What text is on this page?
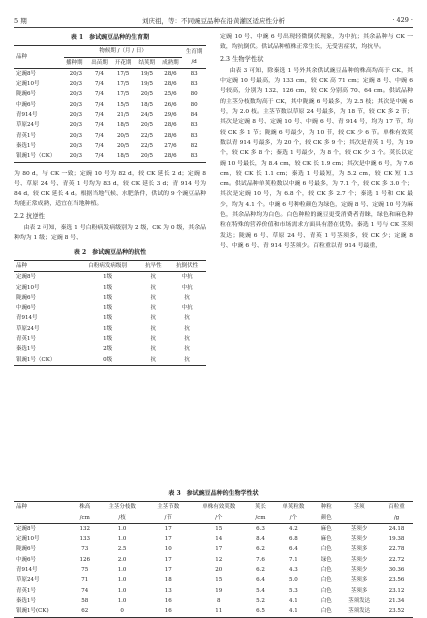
5 期	刘庆祖，等：不同豌豆品种在沿黄灌区适应性分析	· 429 ·
表 1　参试豌豆品种的生育期
品种	物候期 /（月 / 日）					生育期
	播种期	出苗期	开花期	结荚期	成熟期	/d
定豌8号	20/3	7/4	17/5	19/5	28/6	83
定豌10号	20/3	7/4	17/5	19/5	28/6	83
陇豌6号	20/3	7/4	17/5	20/5	25/6	80
中豌6号	20/3	7/4	15/5	18/5	26/6	80
青914号	20/3	7/4	21/5	24/5	29/6	84
草原24号	20/3	7/4	18/5	20/5	28/6	83
青英1号	20/3	7/4	20/5	22/5	28/6	83
秦选1号	20/3	7/4	20/5	22/5	27/6	82
银豌1号（CK）	20/3	7/4	18/5	20/5	28/6	83

为 80 d，与 CK 一致；定豌 10 号为 82 d，较 CK 延长 2 d；定豌 8 号、草原 24 号、青英 1 号均为 83 d，较 CK 延长 3 d；青 914 号为 84 d，较 CK 延长 4 d。根据当地气候、水肥条件，供试的 9 个豌豆品种均能正常成熟，适宜在当地种植。

2.2 抗逆性

由表 2 可知，秦选 1 号白粉病发病级别为 2 级，CK 为 0 级，其余品种均为 1 级；定豌 8 号、

表 2　参试豌豆品种的抗性
品种	白粉病发病级别	抗旱性	抗倒伏性
定豌8号	1级	抗	中抗
定豌10号	1级	抗	中抗
陇豌6号	1级	抗	抗
中豌6号	1级	抗	中抗
青914号	1级	抗	抗
草原24号	1级	抗	抗
青英1号	1级	抗	抗
秦选1号	2级	抗	抗
银豌1号（CK）	0级	抗	抗

定豌 10 号、中豌 6 号出现轻微倒伏现象，为中抗；其余品种与 CK 一致，均抗倒伏。供试品种植株正常生长，无受害症状，均抗旱。

2.3 生物学性状

由表 3 可知，除秦选 1 号外其余供试豌豆品种的株高均高于 CK，其中定豌 10 号最高，为 133 cm，较 CK 高 71 cm；定豌 8 号、中豌 6 号较高，分别为 132、126 cm，较 CK 分别高 70、64 cm。供试品种的主茎分枝数均高于 CK，其中陇豌 6 号最多，为 2.5 枝；其次是中豌 6 号，为 2.0 枝。主茎节数以草原 24 号最多，为 18 节，较 CK 多 2 节；其次是定豌 8 号、定豌 10 号、中豌 6 号、青 914 号，均为 17 节，均较 CK 多 1 节；陇豌 6 号最少，为 10 节，较 CK 少 6 节。单株有效荚数以青 914 号最多，为 20 个，较 CK 多 9 个；其次是青英 1 号，为 19 个，较 CK 多 8 个；秦选 1 号最少，为 8 个，较 CK 少 3 个。荚长以定豌 10 号最长，为 8.4 cm，较 CK 长 1.9 cm；其次是中豌 6 号，为 7.6 cm，较 CK 长 1.1 cm；秦选 1 号最短，为 5.2 cm，较 CK 短 1.3 cm。供试品种单荚粒数以中豌 6 号最多，为 7.1 个，较 CK 多 3.0 个；其次是定豌 10 号，为 6.8 个，较 CK 多 2.7 个；秦选 1 号和 CK 最少，均为 4.1 个。中豌 6 号种粒颜色为绿色，定豌 8 号、定豌 10 号为麻色，其余品种均为白色。白色种粒的豌豆更受消费者青睐，绿色和麻色种粒在特殊的营养价值和市场需求方面具有潜在优势。秦选 1 号与 CK 茎须发达；陇豌 6 号、草原 24 号、青英 1 号茎须多，较 CK 少；定豌 8 号、中豌 6 号、青 914 号茎须少。百粒重以青 914 号最重，

表 3　参试豌豆品种的生物学性状
品种	株高	主茎分枝数	主茎节数	单株有效荚数	荚长	单荚粒数	种粒	茎须	百粒重
	/cm	/枝	/节	/个	/cm	/个	颜色		/g
定豌8号	132	1.0	17	15	6.3	4.2	麻色	茎须少	24.18
定豌10号	133	1.0	17	14	8.4	6.8	麻色	茎须少	19.38
陇豌6号	73	2.5	10	17	6.2	6.4	白色	茎须多	22.78
中豌6号	126	2.0	17	12	7.6	7.1	绿色	茎须少	22.72
青914号	75	1.0	17	20	6.2	4.3	白色	茎须少	30.36
草原24号	71	1.0	18	15	6.4	5.0	白色	茎须多	23.56
青英1号	74	1.0	13	19	5.4	5.3	白色	茎须多	23.12
秦选1号	58	1.0	16	8	5.2	4.1	白色	茎须发达	21.34
银豌1号(CK)	62	0	16	11	6.5	4.1	白色	茎须发达	23.52
